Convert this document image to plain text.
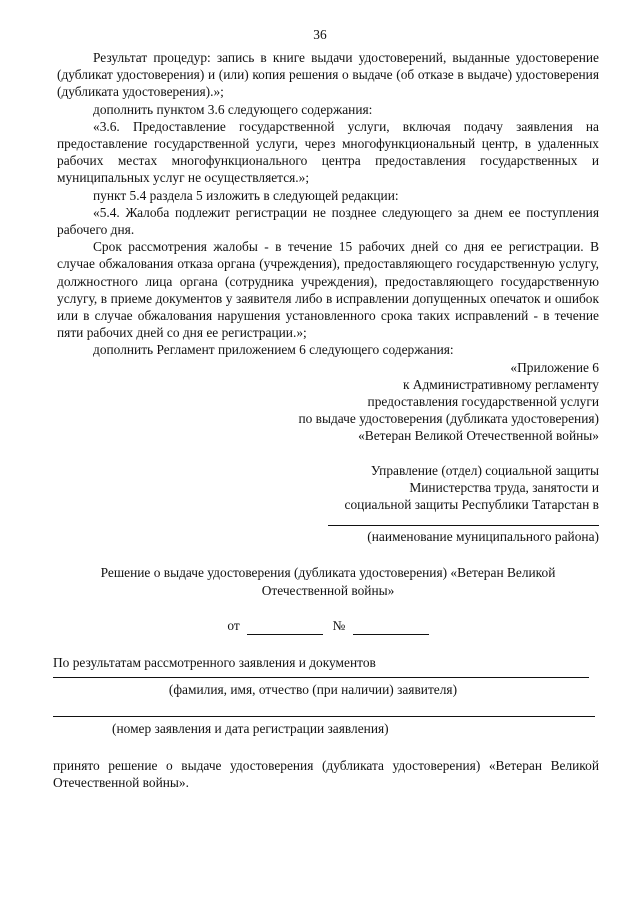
36

Результат процедур: запись в книге выдачи удостоверений, выданные удостоверение (дубликат удостоверения) и (или) копия решения о выдаче (об отказе в выдаче) удостоверения (дубликата удостоверения).»;

дополнить пунктом 3.6 следующего содержания:

«3.6. Предоставление государственной услуги, включая подачу заявления на предоставление государственной услуги, через многофункциональный центр, в удаленных рабочих местах многофункционального центра предоставления государственных и муниципальных услуг не осуществляется.»;

пункт 5.4 раздела 5 изложить в следующей редакции:

«5.4. Жалоба подлежит регистрации не позднее следующего за днем ее поступления рабочего дня.

Срок рассмотрения жалобы - в течение 15 рабочих дней со дня ее регистрации. В случае обжалования отказа органа (учреждения), предоставляющего государственную услугу, должностного лица органа (сотрудника учреждения), предоставляющего государственную услугу, в приеме документов у заявителя либо в исправлении допущенных опечаток и ошибок или в случае обжалования нарушения установленного срока таких исправлений - в течение пяти рабочих дней со дня ее регистрации.»;

дополнить Регламент приложением 6 следующего содержания:

«Приложение 6

к Административному регламенту

предоставления государственной услуги

по выдаче удостоверения (дубликата удостоверения)

«Ветеран Великой Отечественной войны»

Управление (отдел) социальной защиты

Министерства труда, занятости и

социальной защиты Республики Татарстан в

(наименование муниципального района)

Решение о выдаче удостоверения (дубликата удостоверения) «Ветеран Великой
Отечественной войны»

от	№

По результатам рассмотренного заявления и документов

(фамилия, имя, отчество (при наличии) заявителя)

(номер заявления и дата регистрации заявления)

принято решение о выдаче удостоверения (дубликата удостоверения) «Ветеран Великой Отечественной войны».
